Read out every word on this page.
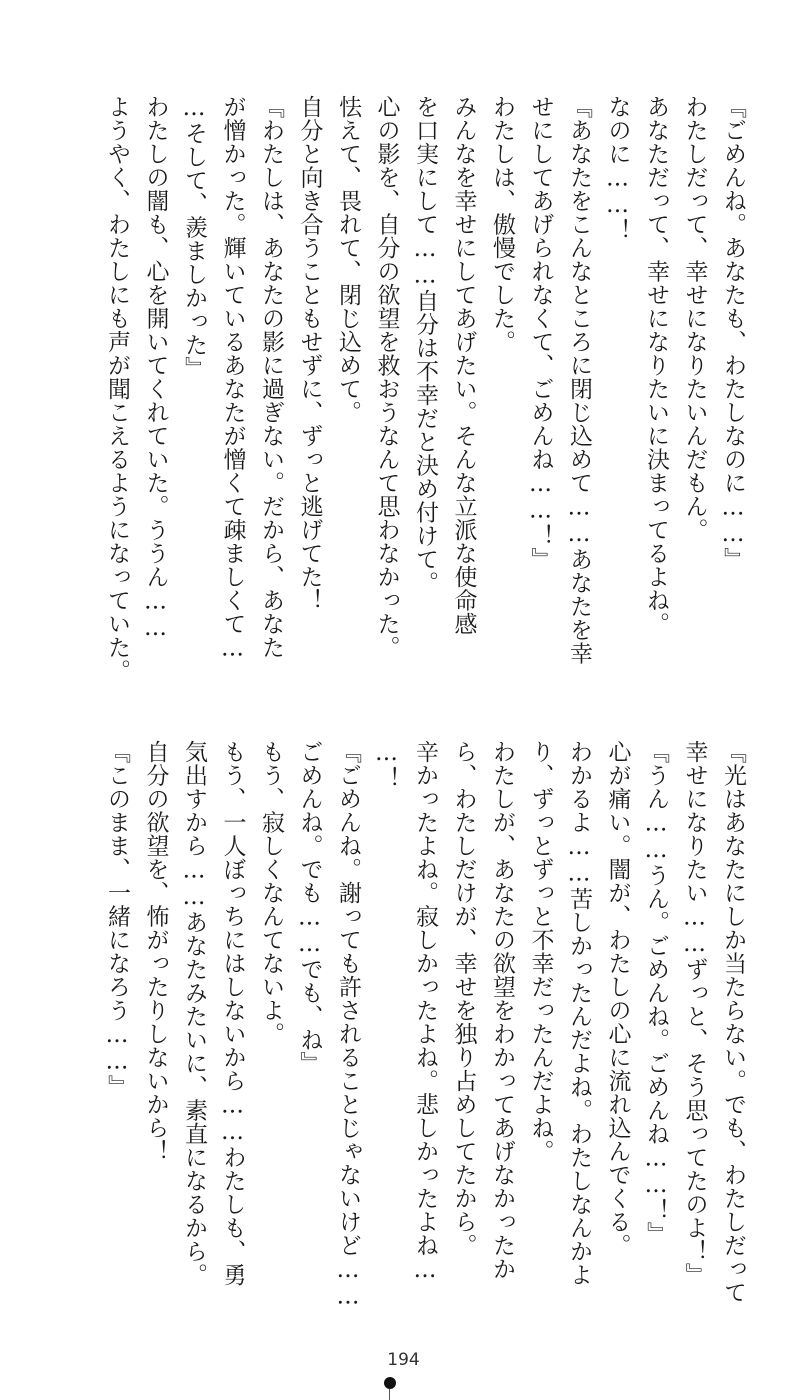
『ごめんね。あなたも、わたしなのに……』
わたしだって、幸せになりたいんだもん。
あなただって、幸せになりたいに決まってるよね。
なのに……！
『あなたをこんなところに閉じ込めて……あなたを幸
せにしてあげられなくて、ごめんね……！』
わたしは、傲慢でした。
みんなを幸せにしてあげたい。そんな立派な使命感
を口実にして……自分は不幸だと決め付けて。
心の影を、自分の欲望を救おうなんて思わなかった。
怯えて、畏れて、閉じ込めて。
自分と向き合うこともせずに、ずっと逃げてた！
『わたしは、あなたの影に過ぎない。だから、あなた
が憎かった。輝いているあなたが憎くて疎ましくて…
…そして、羨ましかった』
わたしの闇も、心を開いてくれていた。ううん……
ようやく、わたしにも声が聞こえるようになっていた。
『光はあなたにしか当たらない。でも、わたしだって
幸せになりたい……ずっと、そう思ってたのよ！』
『うん……うん。ごめんね。ごめんね……！』
心が痛い。闇が、わたしの心に流れ込んでくる。
わかるよ……苦しかったんだよね。わたしなんかよ
り、ずっとずっと不幸だったんだよね。
わたしが、あなたの欲望をわかってあげなかったか
ら、わたしだけが、幸せを独り占めしてたから。
辛かったよね。寂しかったよね。悲しかったよね…
…！
『ごめんね。謝っても許されることじゃないけど……
ごめんね。でも……でも、ね』
もう、寂しくなんてないよ。
もう、一人ぼっちにはしないから……わたしも、勇
気出すから……あなたみたいに、素直になるから。
自分の欲望を、怖がったりしないから！
『このまま、一緒になろう……』
194
